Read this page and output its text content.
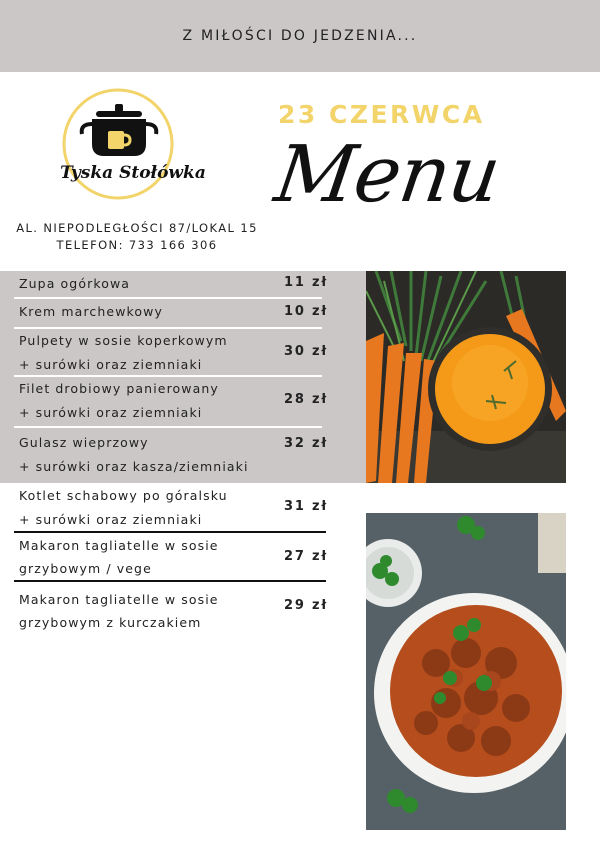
Z MIŁOŚCI DO JEDZENIA...
Tyska Stołówka
AL. NIEPODLEGŁOŚCI 87/LOKAL 15
TELEFON: 733 166 306
23 CZERWCA
Menu
Zupa ogórkowa	11 zł
Krem marchewkowy	10 zł
Pulpety w sosie koperkowym
+ surówki oraz ziemniaki
30 zł
Filet drobiowy panierowany
+ surówki oraz ziemniaki
28 zł
Gulasz wieprzowy
+ surówki oraz kasza/ziemniaki
32 zł
Kotlet schabowy po góralsku
+ surówki oraz ziemniaki
31 zł
Makaron tagliatelle w sosie
grzybowym / vege
27 zł
Makaron tagliatelle w sosie
grzybowym z kurczakiem
29 zł
